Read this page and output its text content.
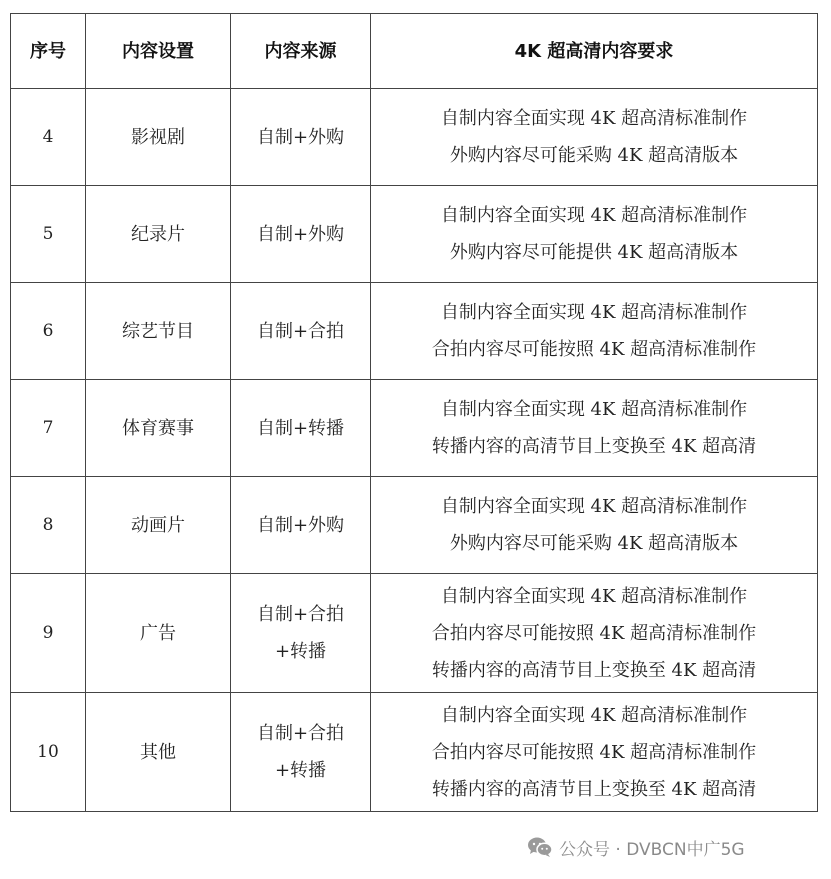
序号	内容设置	内容来源	4K 超高清内容要求
4	影视剧	自制+外购	自制内容全面实现 4K 超高清标准制作
外购内容尽可能采购 4K 超高清版本

5	纪录片	自制+外购	自制内容全面实现 4K 超高清标准制作
外购内容尽可能提供 4K 超高清版本

6	综艺节目	自制+合拍	自制内容全面实现 4K 超高清标准制作
合拍内容尽可能按照 4K 超高清标准制作

7	体育赛事	自制+转播	自制内容全面实现 4K 超高清标准制作
转播内容的高清节目上变换至 4K 超高清

8	动画片	自制+外购	自制内容全面实现 4K 超高清标准制作
外购内容尽可能采购 4K 超高清版本

9	广告	自制+合拍
+转播	自制内容全面实现 4K 超高清标准制作
合拍内容尽可能按照 4K 超高清标准制作
转播内容的高清节目上变换至 4K 超高清

10	其他	自制+合拍
+转播	自制内容全面实现 4K 超高清标准制作
合拍内容尽可能按照 4K 超高清标准制作
转播内容的高清节目上变换至 4K 超高清
公众号 · DVBCN中广5G
